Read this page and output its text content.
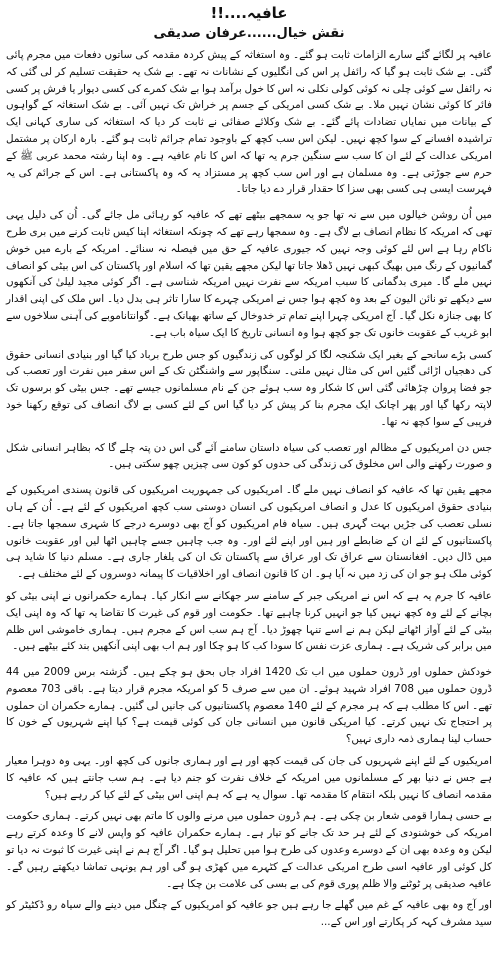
عافیہ....!!
نقش خیال......عرفان صدیقی

عافیہ پر لگائے گئے سارے الزامات ثابت ہو گئے۔ وہ استغاثہ کے پیش کردہ مقدمہ کی ساتوں دفعات میں مجرم پائی گئی۔ بے شک ثابت ہو گیا کہ رائفل پر اس کی انگلیوں کے نشانات نہ تھے۔ بے شک یہ حقیقت تسلیم کر لی گئی کہ نہ رائفل سے کوئی چلی نہ کوئی کولی نکلی نہ اس کا خول برآمد ہوا بے شک کمرے کی کسی دیوار یا فرش پر کسی فائر کا کوئی نشان نہیں ملا۔ بے شک کسی امریکی کے جسم پر خراش تک نہیں آئی۔ بے شک استغاثہ کے گواہوں کے بیانات میں نمایاں تضادات پائے گئے۔ بے شک وکلائے صفائی نے ثابت کر دیا کہ استغاثہ کی ساری کہانی ایک تراشیدہ افسانے کے سوا کچھ نہیں۔ لیکن اس سب کچھ کے باوجود تمام جرائم ثابت ہو گئے۔ بارہ ارکان پر مشتمل امریکی عدالت کے لئے ان کا سب سے سنگین جرم یہ تھا کہ اس کا نام عافیہ ہے۔ وہ اپنا رشتہ محمد عربی ﷺ کے حرم سے جوڑتی ہے۔ وہ مسلمان ہے اور اس سب کچھ پر مستزاد یہ کہ وہ پاکستانی ہے۔ اس کے جرائم کی یہ فہرست ایسی ہی کسی بھی سزا کا حقدار قرار دے دیا جاتا۔

میں اُن روشن خیالوں میں سے نہ تھا جو یہ سمجھے بیٹھے تھے کہ عافیہ کو رہائی مل جائے گی۔ اُن کی دلیل یہی تھی کہ امریکہ کا نظام انصاف بے لاگ ہے۔ وہ سمجھا رہے تھے کہ چونکہ استغاثہ اپنا کیس ثابت کرنے میں بری طرح ناکام رہا ہے اس لئے کوئی وجہ نہیں کہ جیوری عافیہ کے حق میں فیصلہ نہ سنائے۔ امریکہ کے بارے میں خوش گمانیوں کے رنگ میں بھیگ کبھی نہیں ڈھلا جاتا تھا لیکن مجھے یقین تھا کہ اسلام اور پاکستان کی اس بیٹی کو انصاف نہیں ملے گا۔ میری بدگمانی کا سبب امریکہ سے نفرت نہیں امریکہ شناسی ہے۔ اگر کوئی مجید لیلیٰ کی آنکھوں سے دیکھے تو نائن الیون کے بعد وہ کچھ ہوا جس نے امریکی چہرے کا سارا تاثر ہی بدل دیا۔ اس ملک کی اپنی اقدار کا بھی جنازہ نکل گیا۔ آج امریکی چہرا اپنے تمام تر خدوخال کے ساتھ بھیانک ہے۔ گوانتاناموبے کی آہنی سلاخوں سے ابو غریب کے عقوبت خانوں تک جو کچھ ہوا وہ انسانی تاریخ کا ایک سیاہ باب ہے۔

کسی بڑے سانحے کے بغیر ایک شکنجہ لگا کر لوگوں کی زندگیوں کو جس طرح برباد کیا گیا اور بنیادی انسانی حقوق کی دھجیاں اڑائی گئیں اس کی مثال نہیں ملتی۔ سنگاپور سے واشنگٹن تک کے اس سفر میں نفرت اور تعصب کی جو فضا پروان چڑھائی گئی اس کا شکار وہ سب ہوئے جن کے نام مسلمانوں جیسے تھے۔ جس بیٹی کو برسوں تک لاپتہ رکھا گیا اور پھر اچانک ایک مجرم بنا کر پیش کر دیا گیا اس کے لئے کسی بے لاگ انصاف کی توقع رکھنا خود فریبی کے سوا کچھ نہ تھا۔

جس دن امریکیوں کے مظالم اور تعصب کی سیاہ داستان سامنے آئے گی اس دن پتہ چلے گا کہ بظاہر انسانی شکل و صورت رکھنے والی اس مخلوق کی زندگی کی حدوں کو کون سی چیزیں چھو سکتی ہیں۔

مجھے یقین تھا کہ عافیہ کو انصاف نہیں ملے گا۔ امریکیوں کی جمہوریت امریکیوں کی قانون پسندی امریکیوں کے بنیادی حقوق امریکیوں کا عدل و انصاف امریکیوں کی انسان دوستی سب کچھ امریکیوں کے لئے ہے۔ اُن کے ہاں نسلی تعصب کی جڑیں بہت گہری ہیں۔ سیاہ فام امریکیوں کو آج بھی دوسرے درجے کا شہری سمجھا جاتا ہے۔ پاکستانیوں کے لئے ان کے ضابطے اور ہیں اور اپنے لئے اور۔ وہ جب چاہیں جسے چاہیں اٹھا لیں اور عقوبت خانوں میں ڈال دیں۔ افغانستان سے عراق تک اور عراق سے پاکستان تک ان کی یلغار جاری ہے۔ مسلم دنیا کا شاید ہی کوئی ملک ہو جو ان کی زد میں نہ آیا ہو۔ ان کا قانون انصاف اور اخلاقیات کا پیمانہ دوسروں کے لئے مختلف ہے۔

عافیہ کا جرم یہ ہے کہ اس نے امریکی جبر کے سامنے سر جھکانے سے انکار کیا۔ ہمارے حکمرانوں نے اپنی بیٹی کو بچانے کے لئے وہ کچھ نہیں کیا جو انہیں کرنا چاہیے تھا۔ حکومت اور قوم کی غیرت کا تقاضا یہ تھا کہ وہ اپنی ایک بیٹی کے لئے آواز اٹھاتے لیکن ہم نے اسے تنہا چھوڑ دیا۔ آج ہم سب اس کے مجرم ہیں۔ ہماری خاموشی اس ظلم میں برابر کی شریک ہے۔ ہماری عزت نفس کا سودا کب کا ہو چکا اور ہم اب بھی اپنی آنکھیں بند کئے بیٹھے ہیں۔

خودکش حملوں اور ڈرون حملوں میں اب تک 1420 افراد جاں بحق ہو چکے ہیں۔ گزشتہ برس 2009 میں 44 ڈرون حملوں میں 708 افراد شہید ہوئے۔ ان میں سے صرف 5 کو امریکہ مجرم قرار دیتا ہے۔ باقی 703 معصوم تھے۔ اس کا مطلب ہے کہ ہر مجرم کے لئے 140 معصوم پاکستانیوں کی جانیں لی گئیں۔ ہمارے حکمران ان حملوں پر احتجاج تک نہیں کرتے۔ کیا امریکی قانون میں انسانی جان کی کوئی قیمت ہے؟ کیا اپنے شہریوں کے خون کا حساب لینا ہماری ذمہ داری نہیں؟

امریکیوں کے لئے اپنے شہریوں کی جان کی قیمت کچھ اور ہے اور ہماری جانوں کی کچھ اور۔ یہی وہ دوہرا معیار ہے جس نے دنیا بھر کے مسلمانوں میں امریکہ کے خلاف نفرت کو جنم دیا ہے۔ ہم سب جانتے ہیں کہ عافیہ کا مقدمہ انصاف کا نہیں بلکہ انتقام کا مقدمہ تھا۔ سوال یہ ہے کہ ہم اپنی اس بیٹی کے لئے کیا کر رہے ہیں؟

بے حسی ہمارا قومی شعار بن چکی ہے۔ ہم ڈرون حملوں میں مرنے والوں کا ماتم بھی نہیں کرتے۔ ہماری حکومت امریکہ کی خوشنودی کے لئے ہر حد تک جانے کو تیار ہے۔ ہمارے حکمران عافیہ کو واپس لانے کا وعدہ کرتے رہے لیکن وہ وعدہ بھی ان کے دوسرے وعدوں کی طرح ہوا میں تحلیل ہو گیا۔ اگر آج ہم نے اپنی غیرت کا ثبوت نہ دیا تو کل کوئی اور عافیہ اسی طرح امریکی عدالت کے کٹہرے میں کھڑی ہو گی اور ہم یونہی تماشا دیکھتے رہیں گے۔ عافیہ صدیقی پر ٹوٹنے والا ظلم پوری قوم کی بے بسی کی علامت بن چکا ہے۔

اور آج وہ بھی عافیہ کے غم میں گھلے جا رہے ہیں جو عافیہ کو امریکیوں کے چنگل میں دینے والے سیاہ رو ڈکٹیٹر کو سید مشرف کہہ کر پکارتے اور اس کے...
